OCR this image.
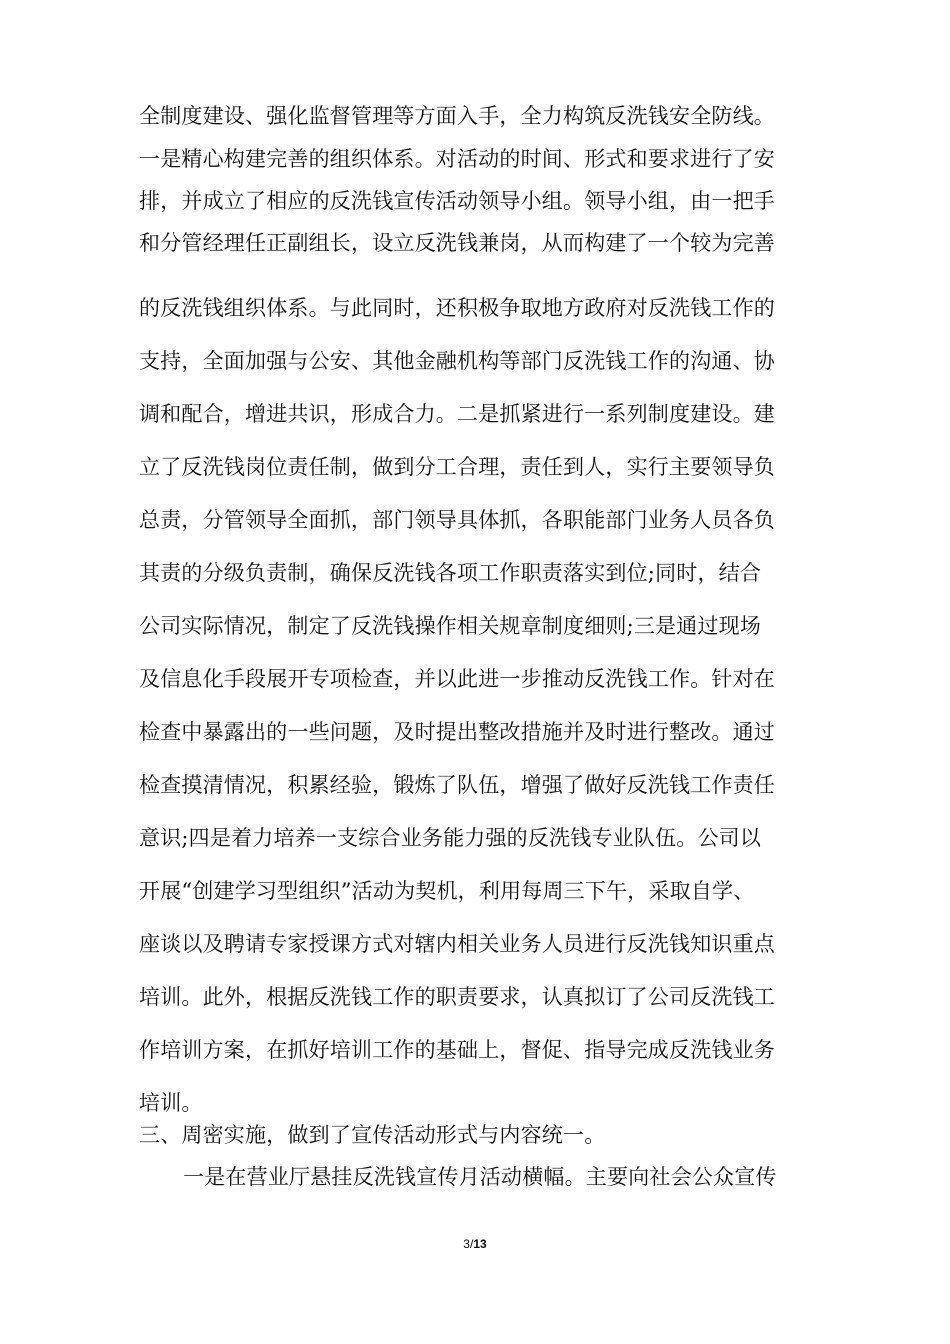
全制度建设、强化监督管理等方面入手，全力构筑反洗钱安全防线。
一是精心构建完善的组织体系。对活动的时间、形式和要求进行了安
排，并成立了相应的反洗钱宣传活动领导小组。领导小组，由一把手
和分管经理任正副组长，设立反洗钱兼岗，从而构建了一个较为完善
的反洗钱组织体系。与此同时，还积极争取地方政府对反洗钱工作的
支持，全面加强与公安、其他金融机构等部门反洗钱工作的沟通、协
调和配合，增进共识，形成合力。二是抓紧进行一系列制度建设。建
立了反洗钱岗位责任制，做到分工合理，责任到人，实行主要领导负
总责，分管领导全面抓，部门领导具体抓，各职能部门业务人员各负
其责的分级负责制，确保反洗钱各项工作职责落实到位;同时，结合
公司实际情况，制定了反洗钱操作相关规章制度细则;三是通过现场
及信息化手段展开专项检查，并以此进一步推动反洗钱工作。针对在
检查中暴露出的一些问题，及时提出整改措施并及时进行整改。通过
检查摸清情况，积累经验，锻炼了队伍，增强了做好反洗钱工作责任
意识;四是着力培养一支综合业务能力强的反洗钱专业队伍。公司以
开展“创建学习型组织”活动为契机，利用每周三下午，采取自学、
座谈以及聘请专家授课方式对辖内相关业务人员进行反洗钱知识重点
培训。此外，根据反洗钱工作的职责要求，认真拟订了公司反洗钱工
作培训方案，在抓好培训工作的基础上，督促、指导完成反洗钱业务
培训。
三、周密实施，做到了宣传活动形式与内容统一。
一是在营业厅悬挂反洗钱宣传月活动横幅。主要向社会公众宣传
3/13
